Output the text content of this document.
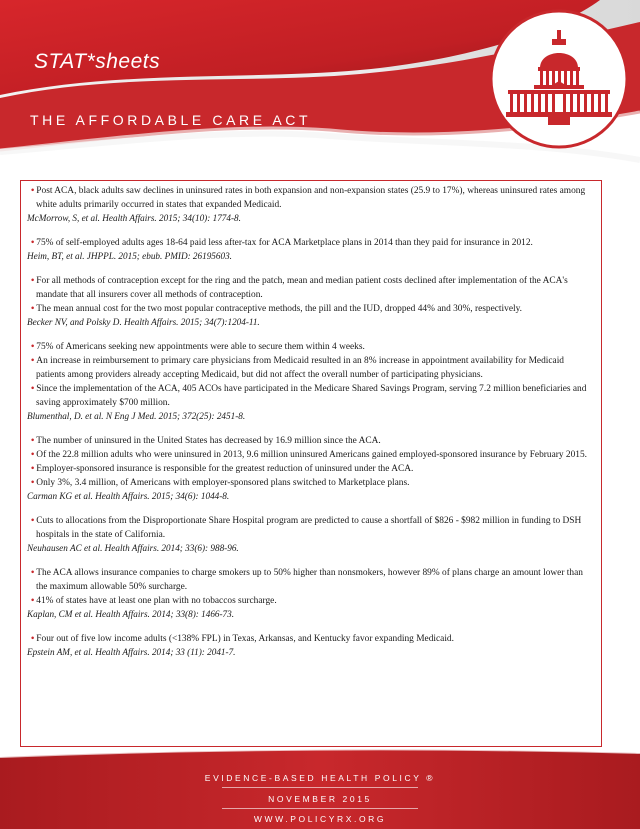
STAT*sheets
THE AFFORDABLE CARE ACT

• Post ACA, black adults saw declines in uninsured rates in both expansion and non-expansion states (25.9 to 17%), whereas uninsured rates among white adults primarily occurred in states that expanded Medicaid.

McMorrow, S, et al. Health Affairs. 2015; 34(10): 1774-8.

• 75% of self-employed adults ages 18-64 paid less after-tax for ACA Marketplace plans in 2014 than they paid for insurance in 2012.

Heim, BT, et al. JHPPL. 2015; ebub. PMID: 26195603.

• For all methods of contraception except for the ring and the patch, mean and median patient costs declined after implementation of the ACA's mandate that all insurers cover all methods of contraception.

• The mean annual cost for the two most popular contraceptive methods, the pill and the IUD, dropped 44% and 30%, respectively.

Becker NV, and Polsky D. Health Affairs. 2015; 34(7):1204-11.

• 75% of Americans seeking new appointments were able to secure them within 4 weeks.

• An increase in reimbursement to primary care physicians from Medicaid resulted in an 8% increase in appointment availability for Medicaid patients among providers already accepting Medicaid, but did not affect the overall number of participating physicians.

• Since the implementation of the ACA, 405 ACOs have participated in the Medicare Shared Savings Program, serving 7.2 million beneficiaries and saving approximately $700 million.

Blumenthal, D. et al. N Eng J Med. 2015; 372(25): 2451-8.

• The number of uninsured in the United States has decreased by 16.9 million since the ACA.

• Of the 22.8 million adults who were uninsured in 2013, 9.6 million uninsured Americans gained employed-sponsored insurance by February 2015.

• Employer-sponsored insurance is responsible for the greatest reduction of uninsured under the ACA.

• Only 3%, 3.4 million, of Americans with employer-sponsored plans switched to Marketplace plans.

Carman KG et al. Health Affairs. 2015; 34(6): 1044-8.

• Cuts to allocations from the Disproportionate Share Hospital program are predicted to cause a shortfall of $826 - $982 million in funding to DSH hospitals in the state of California.

Neuhausen AC et al. Health Affairs. 2014; 33(6): 988-96.

• The ACA allows insurance companies to charge smokers up to 50% higher than nonsmokers, however 89% of plans charge an amount lower than the maximum allowable 50% surcharge.

• 41% of states have at least one plan with no tobaccos surcharge.

Kaplan, CM et al. Health Affairs. 2014; 33(8): 1466-73.

• Four out of five low income adults (<138% FPL) in Texas, Arkansas, and Kentucky favor expanding Medicaid.

Epstein AM, et al. Health Affairs. 2014; 33 (11): 2041-7.

EVIDENCE-BASED HEALTH POLICY ®
NOVEMBER 2015
WWW.POLICYRX.ORG
